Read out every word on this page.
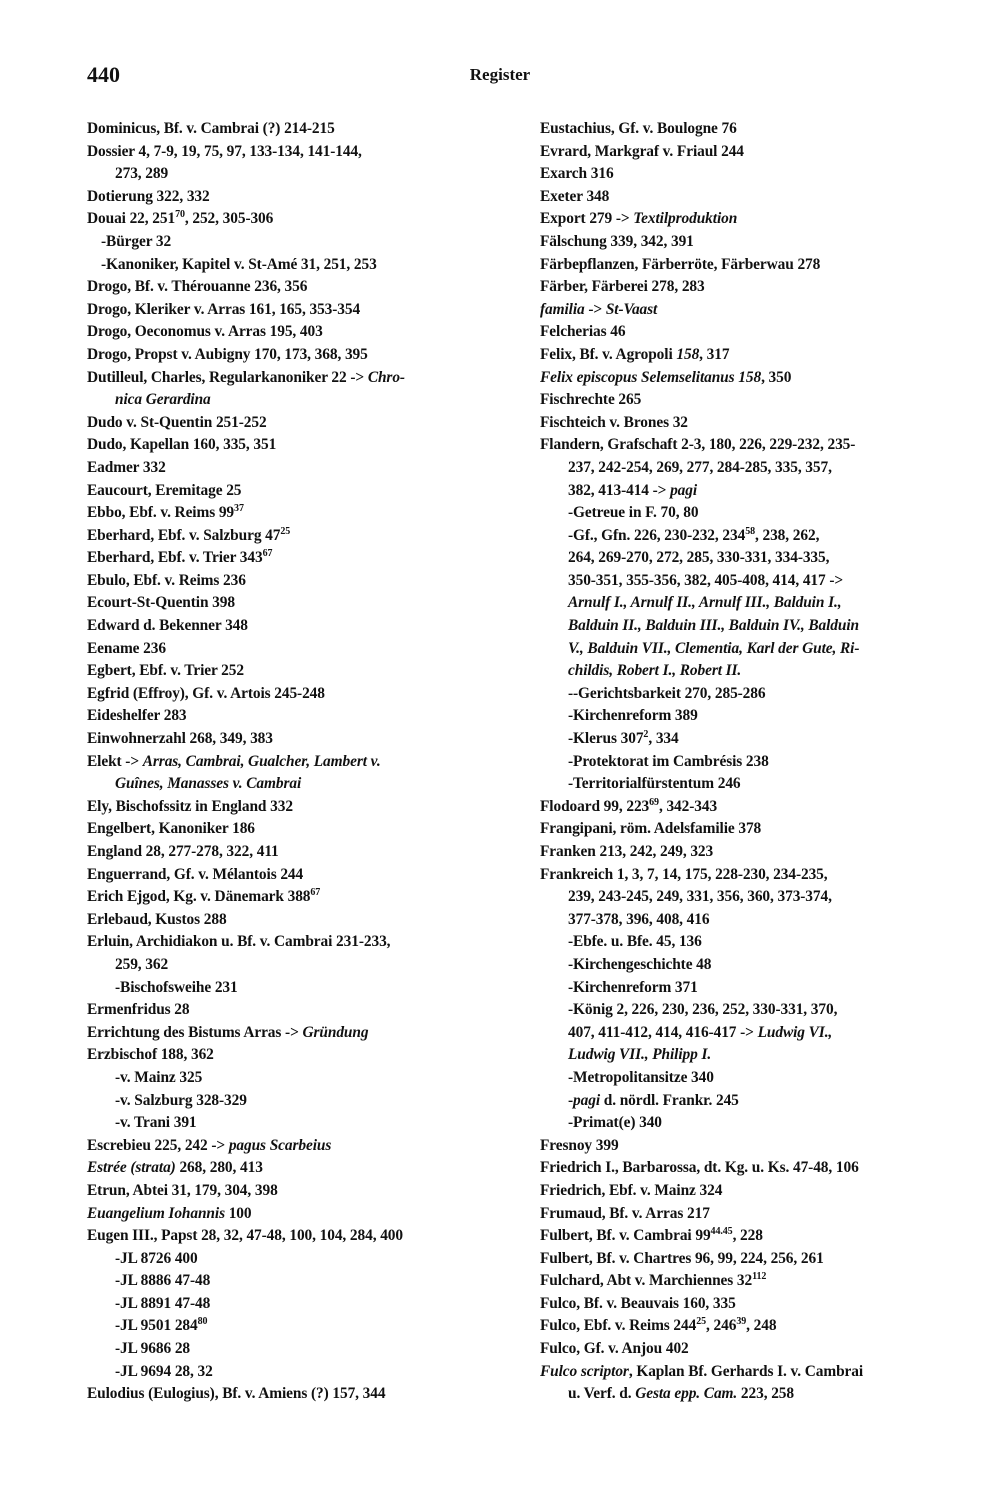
440	Register
Dominicus, Bf. v. Cambrai (?) 214-215
Dossier 4, 7-9, 19, 75, 97, 133-134, 141-144,
273, 289
Dotierung 322, 332
Douai 22, $251^{70}$, 252, 305-306
-Bürger 32
-Kanoniker, Kapitel v. St-Amé 31, 251, 253
Drogo, Bf. v. Thérouanne 236, 356
Drogo, Kleriker v. Arras 161, 165, 353-354
Drogo, Oeconomus v. Arras 195, 403
Drogo, Propst v. Aubigny 170, 173, 368, 395
Dutilleul, Charles, Regularkanoniker 22 -> Chro-
nica Gerardina
Dudo v. St-Quentin 251-252
Dudo, Kapellan 160, 335, 351
Eadmer 332
Eaucourt, Eremitage 25
Ebbo, Ebf. v. Reims $99^{37}$
Eberhard, Ebf. v. Salzburg $47^{25}$
Eberhard, Ebf. v. Trier $343^{67}$
Ebulo, Ebf. v. Reims 236
Ecourt-St-Quentin 398
Edward d. Bekenner 348
Eename 236
Egbert, Ebf. v. Trier 252
Egfrid (Effroy), Gf. v. Artois 245-248
Eideshelfer 283
Einwohnerzahl 268, 349, 383
Elekt -> Arras, Cambrai, Gualcher, Lambert v.
Guînes, Manasses v. Cambrai
Ely, Bischofssitz in England 332
Engelbert, Kanoniker 186
England 28, 277-278, 322, 411
Enguerrand, Gf. v. Mélantois 244
Erich Ejgod, Kg. v. Dänemark $388^{67}$
Erlebaud, Kustos 288
Erluin, Archidiakon u. Bf. v. Cambrai 231-233,
259, 362
-Bischofsweihe 231
Ermenfridus 28
Errichtung des Bistums Arras -> Gründung
Erzbischof 188, 362
-v. Mainz 325
-v. Salzburg 328-329
-v. Trani 391
Escrebieu 225, 242 -> pagus Scarbeius
Estrée (strata) 268, 280, 413
Etrun, Abtei 31, 179, 304, 398
Euangelium Iohannis 100
Eugen III., Papst 28, 32, 47-48, 100, 104, 284, 400
-JL 8726 400
-JL 8886 47-48
-JL 8891 47-48
-JL 9501 $284^{80}$
-JL 9686 28
-JL 9694 28, 32
Eulodius (Eulogius), Bf. v. Amiens (?) 157, 344
Eustachius, Gf. v. Boulogne 76
Evrard, Markgraf v. Friaul 244
Exarch 316
Exeter 348
Export 279 -> Textilproduktion
Fälschung 339, 342, 391
Färbepflanzen, Färberröte, Färberwau 278
Färber, Färberei 278, 283
familia -> St-Vaast
Felcherias 46
Felix, Bf. v. Agropoli 158, 317
Felix episcopus Selemselitanus 158, 350
Fischrechte 265
Fischteich v. Brones 32
Flandern, Grafschaft 2-3, 180, 226, 229-232, 235-
237, 242-254, 269, 277, 284-285, 335, 357,
382, 413-414 -> pagi
-Getreue in F. 70, 80
-Gf., Gfn. 226, 230-232, $234^{58}$, 238, 262,
264, 269-270, 272, 285, 330-331, 334-335,
350-351, 355-356, 382, 405-408, 414, 417 ->
Arnulf I., Arnulf II., Arnulf III., Balduin I.,
Balduin II., Balduin III., Balduin IV., Balduin
V., Balduin VII., Clementia, Karl der Gute, Ri-
childis, Robert I., Robert II.
--Gerichtsbarkeit 270, 285-286
-Kirchenreform 389
-Klerus $307^2$, 334
-Protektorat im Cambrésis 238
-Territorialfürstentum 246
Flodoard 99, $223^{69}$, 342-343
Frangipani, röm. Adelsfamilie 378
Franken 213, 242, 249, 323
Frankreich 1, 3, 7, 14, 175, 228-230, 234-235,
239, 243-245, 249, 331, 356, 360, 373-374,
377-378, 396, 408, 416
-Ebfe. u. Bfe. 45, 136
-Kirchengeschichte 48
-Kirchenreform 371
-König 2, 226, 230, 236, 252, 330-331, 370,
407, 411-412, 414, 416-417 -> Ludwig VI.,
Ludwig VII., Philipp I.
-Metropolitansitze 340
-pagi d. nördl. Frankr. 245
-Primat(e) 340
Fresnoy 399
Friedrich I., Barbarossa, dt. Kg. u. Ks. 47-48, 106
Friedrich, Ebf. v. Mainz 324
Frumaud, Bf. v. Arras 217
Fulbert, Bf. v. Cambrai $99^{44.45}$, 228
Fulbert, Bf. v. Chartres 96, 99, 224, 256, 261
Fulchard, Abt v. Marchiennes $32^{112}$
Fulco, Bf. v. Beauvais 160, 335
Fulco, Ebf. v. Reims $244^{25}$, $246^{39}$, 248
Fulco, Gf. v. Anjou 402
Fulco scriptor, Kaplan Bf. Gerhards I. v. Cambrai
u. Verf. d. Gesta epp. Cam. 223, 258
